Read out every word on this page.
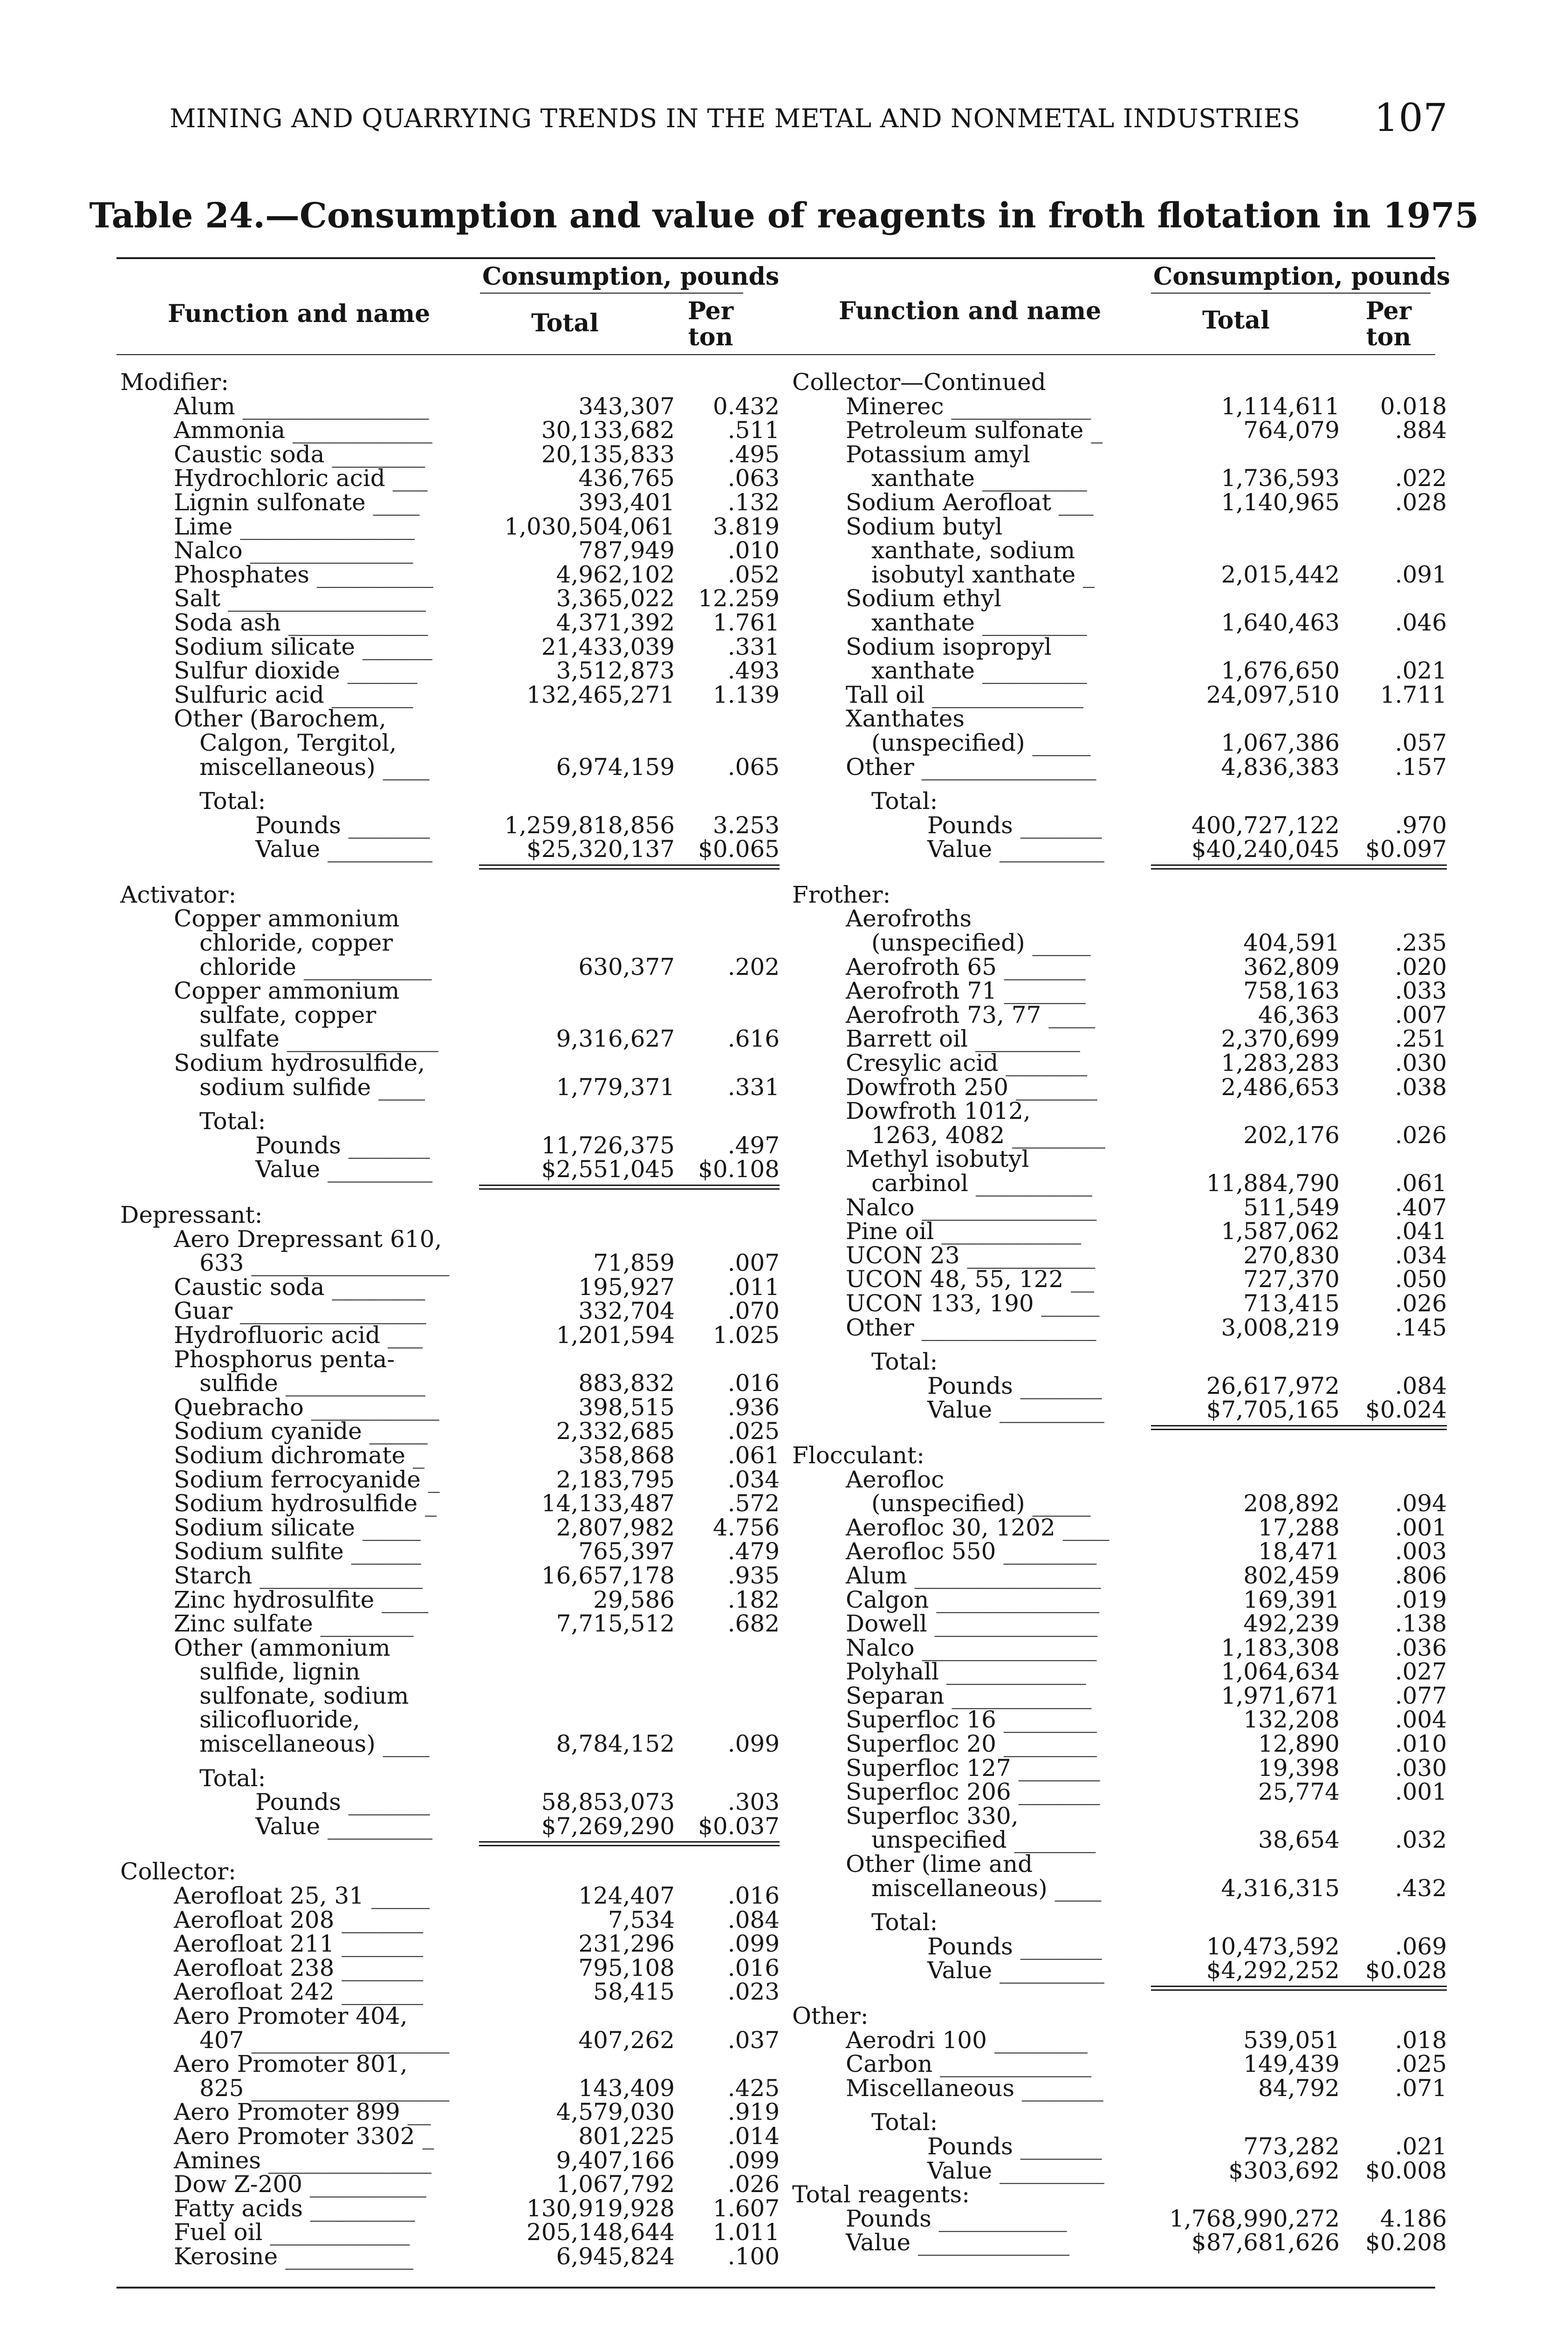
MINING AND QUARRYING TRENDS IN THE METAL AND NONMETAL INDUSTRIES 107
Table 24.—Consumption and value of reagents in froth flotation in 1975
Consumption, pounds
Function and name	Total	Per ton
Consumption, pounds
Function and name	Total	Per ton
Modifier:
Alum ________________	343,307	0.432
Ammonia ____________	30,133,682	.511
Caustic soda ________	20,135,833	.495
Hydrochloric acid ___	436,765	.063
Lignin sulfonate ____	393,401	.132
Lime _______________	1,030,504,061	3.819
Nalco ______________	787,949	.010
Phosphates __________	4,962,102	.052
Salt _________________	3,365,022	12.259
Soda ash ____________	4,371,392	1.761
Sodium silicate ______	21,433,039	.331
Sulfur dioxide ______	3,512,873	.493
Sulfuric acid _______	132,465,271	1.139
Other (Barochem,
Calgon, Tergitol,
miscellaneous) ____	6,974,159	.065
Total:
Pounds _______	1,259,818,856	3.253
Value _________	$25,320,137	$0.065
Activator:
Copper ammonium
chloride, copper
chloride ___________	630,377	.202
Copper ammonium
sulfate, copper
sulfate _____________	9,316,627	.616
Sodium hydrosulfide,
sodium sulfide ____	1,779,371	.331
Total:
Pounds _______	11,726,375	.497
Value _________	$2,551,045	$0.108
Depressant:
Aero Drepressant 610,
633 _________________	71,859	.007
Caustic soda ________	195,927	.011
Guar ________________	332,704	.070
Hydrofluoric acid ___	1,201,594	1.025
Phosphorus penta-
sulfide ____________	883,832	.016
Quebracho ___________	398,515	.936
Sodium cyanide _____	2,332,685	.025
Sodium dichromate _	358,868	.061
Sodium ferrocyanide _	2,183,795	.034
Sodium hydrosulfide _	14,133,487	.572
Sodium silicate _____	2,807,982	4.756
Sodium sulfite ______	765,397	.479
Starch ______________	16,657,178	.935
Zinc hydrosulfite ____	29,586	.182
Zinc sulfate ________	7,715,512	.682
Other (ammonium
sulfide, lignin
sulfonate, sodium
silicofluoride,
miscellaneous) ____	8,784,152	.099
Total:
Pounds _______	58,853,073	.303
Value _________	$7,269,290	$0.037
Collector:
Aerofloat 25, 31 _____	124,407	.016
Aerofloat 208 _______	7,534	.084
Aerofloat 211 _______	231,296	.099
Aerofloat 238 _______	795,108	.016
Aerofloat 242 _______	58,415	.023
Aero Promoter 404,
407 _________________	407,262	.037
Aero Promoter 801,
825 _________________	143,409	.425
Aero Promoter 899 __	4,579,030	.919
Aero Promoter 3302 _	801,225	.014
Amines ______________	9,407,166	.099
Dow Z-200 __________	1,067,792	.026
Fatty acids _________	130,919,928	1.607
Fuel oil ____________	205,148,644	1.011
Kerosine ___________	6,945,824	.100
Collector—Continued
Minerec ____________	1,114,611	0.018
Petroleum sulfonate _	764,079	.884
Potassium amyl
xanthate _________	1,736,593	.022
Sodium Aerofloat ___	1,140,965	.028
Sodium butyl
xanthate, sodium
isobutyl xanthate _	2,015,442	.091
Sodium ethyl
xanthate _________	1,640,463	.046
Sodium isopropyl
xanthate _________	1,676,650	.021
Tall oil _____________	24,097,510	1.711
Xanthates
(unspecified) _____	1,067,386	.057
Other _______________	4,836,383	.157
Total:
Pounds _______	400,727,122	.970
Value _________	$40,240,045	$0.097
Frother:
Aerofroths
(unspecified) _____	404,591	.235
Aerofroth 65 _______	362,809	.020
Aerofroth 71 _______	758,163	.033
Aerofroth 73, 77 ____	46,363	.007
Barrett oil _________	2,370,699	.251
Cresylic acid _______	1,283,283	.030
Dowfroth 250 _______	2,486,653	.038
Dowfroth 1012,
1263, 4082 ________	202,176	.026
Methyl isobutyl
carbinol __________	11,884,790	.061
Nalco _______________	511,549	.407
Pine oil ____________	1,587,062	.041
UCON 23 ___________	270,830	.034
UCON 48, 55, 122 __	727,370	.050
UCON 133, 190 _____	713,415	.026
Other _______________	3,008,219	.145
Total:
Pounds _______	26,617,972	.084
Value _________	$7,705,165	$0.024
Flocculant:
Aerofloc
(unspecified) _____	208,892	.094
Aerofloc 30, 1202 ____	17,288	.001
Aerofloc 550 ________	18,471	.003
Alum ________________	802,459	.806
Calgon ______________	169,391	.019
Dowell ______________	492,239	.138
Nalco _______________	1,183,308	.036
Polyhall ____________	1,064,634	.027
Separan ____________	1,971,671	.077
Superfloc 16 ________	132,208	.004
Superfloc 20 ________	12,890	.010
Superfloc 127 _______	19,398	.030
Superfloc 206 _______	25,774	.001
Superfloc 330,
unspecified _______	38,654	.032
Other (lime and
miscellaneous) ____	4,316,315	.432
Total:
Pounds _______	10,473,592	.069
Value _________	$4,292,252	$0.028
Other:
Aerodri 100 ________	539,051	.018
Carbon _____________	149,439	.025
Miscellaneous _______	84,792	.071
Total:
Pounds _______	773,282	.021
Value _________	$303,692	$0.008
Total reagents:
Pounds ___________	1,768,990,272	4.186
Value _____________	$87,681,626	$0.208
